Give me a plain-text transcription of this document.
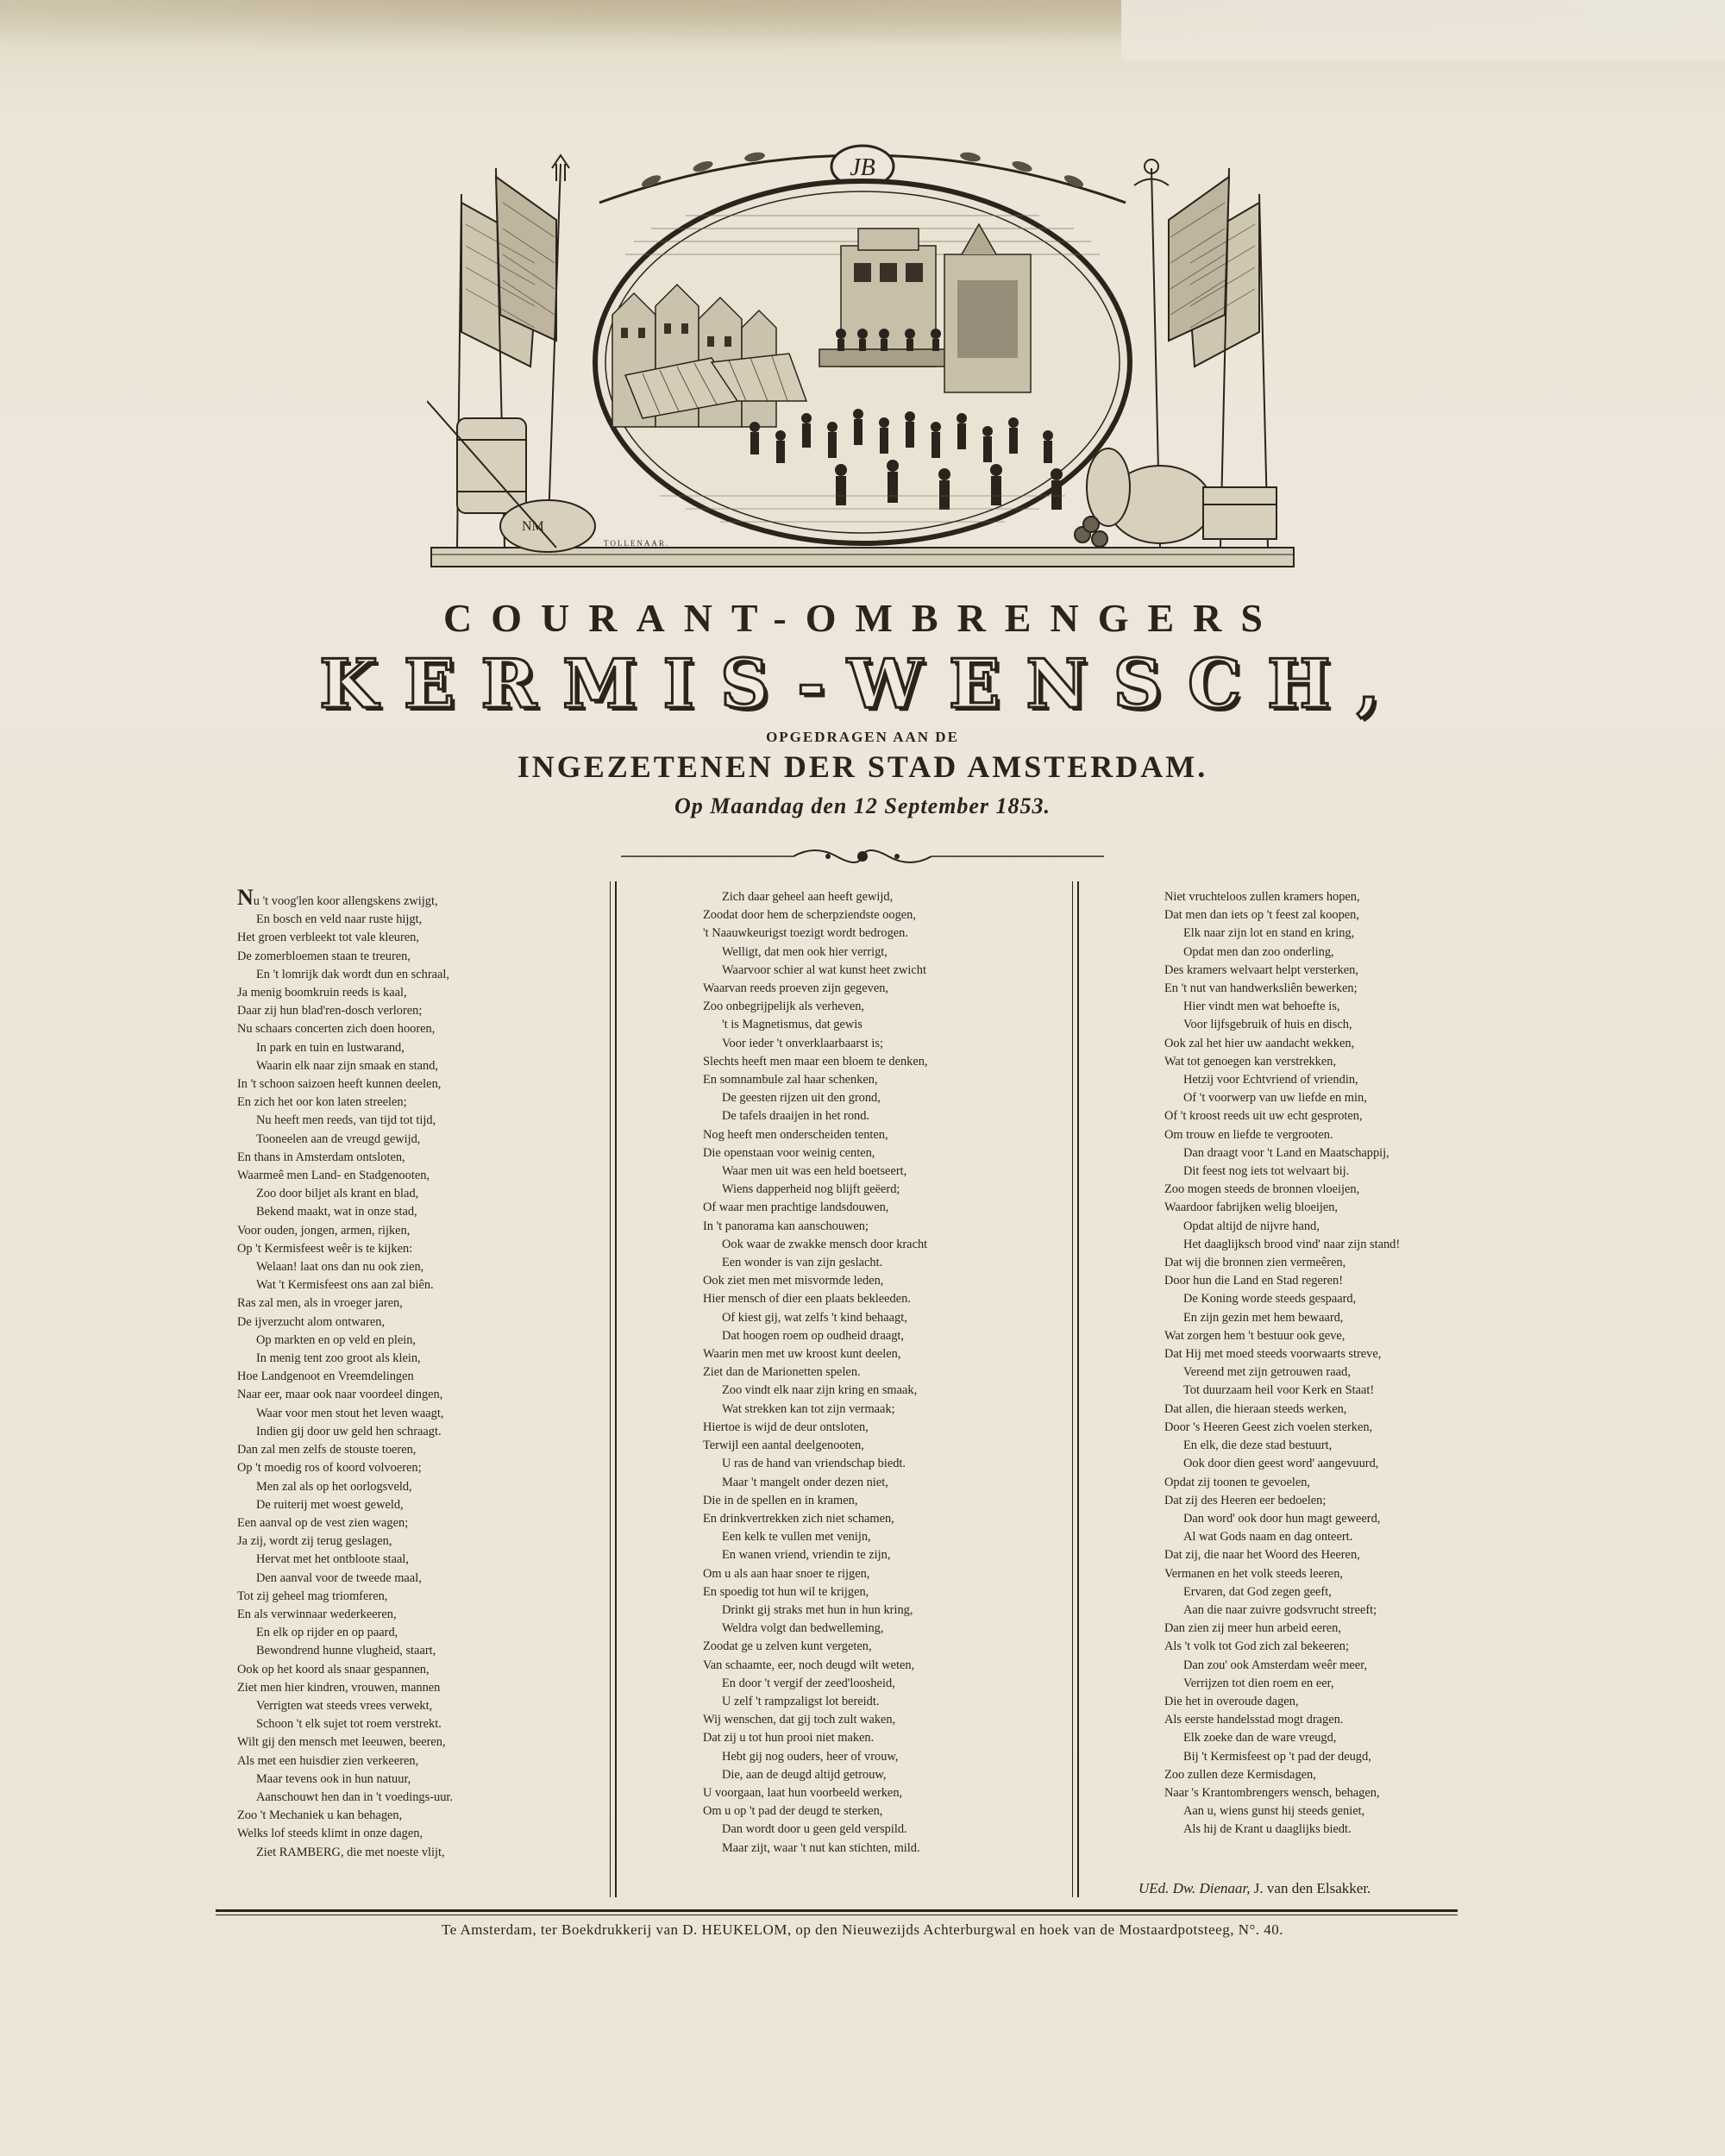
NM
JB
TOLLENAAR.
COURANT-OMBRENGERS
KERMIS-WENSCH,
OPGEDRAGEN AAN DE
INGEZETENEN DER STAD AMSTERDAM.
Op Maandag den 12 September 1853.
Nu 't voog'len koor allengskens zwijgt,
En bosch en veld naar ruste hijgt,
Het groen verbleekt tot vale kleuren,
De zomerbloemen staan te treuren,
En 't lomrijk dak wordt dun en schraal,
Ja menig boomkruin reeds is kaal,
Daar zij hun blad'ren-dosch verloren;
Nu schaars concerten zich doen hooren,
In park en tuin en lustwarand,
Waarin elk naar zijn smaak en stand,
In 't schoon saizoen heeft kunnen deelen,
En zich het oor kon laten streelen;
Nu heeft men reeds, van tijd tot tijd,
Tooneelen aan de vreugd gewijd,
En thans in Amsterdam ontsloten,
Waarmeê men Land- en Stadgenooten,
Zoo door biljet als krant en blad,
Bekend maakt, wat in onze stad,
Voor ouden, jongen, armen, rijken,
Op 't Kermisfeest weêr is te kijken:
Welaan! laat ons dan nu ook zien,
Wat 't Kermisfeest ons aan zal biên.
Ras zal men, als in vroeger jaren,
De ijverzucht alom ontwaren,
Op markten en op veld en plein,
In menig tent zoo groot als klein,
Hoe Landgenoot en Vreemdelingen
Naar eer, maar ook naar voordeel dingen,
Waar voor men stout het leven waagt,
Indien gij door uw geld hen schraagt.
Dan zal men zelfs de stouste toeren,
Op 't moedig ros of koord volvoeren;
Men zal als op het oorlogsveld,
De ruiterij met woest geweld,
Een aanval op de vest zien wagen;
Ja zij, wordt zij terug geslagen,
Hervat met het ontbloote staal,
Den aanval voor de tweede maal,
Tot zij geheel mag triomferen,
En als verwinnaar wederkeeren,
En elk op rijder en op paard,
Bewondrend hunne vlugheid, staart,
Ook op het koord als snaar gespannen,
Ziet men hier kindren, vrouwen, mannen
Verrigten wat steeds vrees verwekt,
Schoon 't elk sujet tot roem verstrekt.
Wilt gij den mensch met leeuwen, beeren,
Als met een huisdier zien verkeeren,
Maar tevens ook in hun natuur,
Aanschouwt hen dan in 't voedings-uur.
Zoo 't Mechaniek u kan behagen,
Welks lof steeds klimt in onze dagen,
Ziet RAMBERG, die met noeste vlijt,
Zich daar geheel aan heeft gewijd,
Zoodat door hem de scherpziendste oogen,
't Naauwkeurigst toezigt wordt bedrogen.
Welligt, dat men ook hier verrigt,
Waarvoor schier al wat kunst heet zwicht
Waarvan reeds proeven zijn gegeven,
Zoo onbegrijpelijk als verheven,
't is Magnetismus, dat gewis
Voor ieder 't onverklaarbaarst is;
Slechts heeft men maar een bloem te denken,
En somnambule zal haar schenken,
De geesten rijzen uit den grond,
De tafels draaijen in het rond.
Nog heeft men onderscheiden tenten,
Die openstaan voor weinig centen,
Waar men uit was een held boetseert,
Wiens dapperheid nog blijft geëerd;
Of waar men prachtige landsdouwen,
In 't panorama kan aanschouwen;
Ook waar de zwakke mensch door kracht
Een wonder is van zijn geslacht.
Ook ziet men met misvormde leden,
Hier mensch of dier een plaats bekleeden.
Of kiest gij, wat zelfs 't kind behaagt,
Dat hoogen roem op oudheid draagt,
Waarin men met uw kroost kunt deelen,
Ziet dan de Marionetten spelen.
Zoo vindt elk naar zijn kring en smaak,
Wat strekken kan tot zijn vermaak;
Hiertoe is wijd de deur ontsloten,
Terwijl een aantal deelgenooten,
U ras de hand van vriendschap biedt.
Maar 't mangelt onder dezen niet,
Die in de spellen en in kramen,
En drinkvertrekken zich niet schamen,
Een kelk te vullen met venijn,
En wanen vriend, vriendin te zijn,
Om u als aan haar snoer te rijgen,
En spoedig tot hun wil te krijgen,
Drinkt gij straks met hun in hun kring,
Weldra volgt dan bedwelleming,
Zoodat ge u zelven kunt vergeten,
Van schaamte, eer, noch deugd wilt weten,
En door 't vergif der zeed'loosheid,
U zelf 't rampzaligst lot bereidt.
Wij wenschen, dat gij toch zult waken,
Dat zij u tot hun prooi niet maken.
Hebt gij nog ouders, heer of vrouw,
Die, aan de deugd altijd getrouw,
U voorgaan, laat hun voorbeeld werken,
Om u op 't pad der deugd te sterken,
Dan wordt door u geen geld verspild.
Maar zijt, waar 't nut kan stichten, mild.
Niet vruchteloos zullen kramers hopen,
Dat men dan iets op 't feest zal koopen,
Elk naar zijn lot en stand en kring,
Opdat men dan zoo onderling,
Des kramers welvaart helpt versterken,
En 't nut van handwerksliên bewerken;
Hier vindt men wat behoefte is,
Voor lijfsgebruik of huis en disch,
Ook zal het hier uw aandacht wekken,
Wat tot genoegen kan verstrekken,
Hetzij voor Echtvriend of vriendin,
Of 't voorwerp van uw liefde en min,
Of 't kroost reeds uit uw echt gesproten,
Om trouw en liefde te vergrooten.
Dan draagt voor 't Land en Maatschappij,
Dit feest nog iets tot welvaart bij.
Zoo mogen steeds de bronnen vloeijen,
Waardoor fabrijken welig bloeijen,
Opdat altijd de nijvre hand,
Het daaglijksch brood vind' naar zijn stand!
Dat wij die bronnen zien vermeêren,
Door hun die Land en Stad regeren!
De Koning worde steeds gespaard,
En zijn gezin met hem bewaard,
Wat zorgen hem 't bestuur ook geve,
Dat Hij met moed steeds voorwaarts streve,
Vereend met zijn getrouwen raad,
Tot duurzaam heil voor Kerk en Staat!
Dat allen, die hieraan steeds werken,
Door 's Heeren Geest zich voelen sterken,
En elk, die deze stad bestuurt,
Ook door dien geest word' aangevuurd,
Opdat zij toonen te gevoelen,
Dat zij des Heeren eer bedoelen;
Dan word' ook door hun magt geweerd,
Al wat Gods naam en dag onteert.
Dat zij, die naar het Woord des Heeren,
Vermanen en het volk steeds leeren,
Ervaren, dat God zegen geeft,
Aan die naar zuivre godsvrucht streeft;
Dan zien zij meer hun arbeid eeren,
Als 't volk tot God zich zal bekeeren;
Dan zou' ook Amsterdam weêr meer,
Verrijzen tot dien roem en eer,
Die het in overoude dagen,
Als eerste handelsstad mogt dragen.
Elk zoeke dan de ware vreugd,
Bij 't Kermisfeest op 't pad der deugd,
Zoo zullen deze Kermisdagen,
Naar 's Krantombrengers wensch, behagen,
Aan u, wiens gunst hij steeds geniet,
Als hij de Krant u daaglijks biedt.
UEd. Dw. Dienaar, J. van den Elsakker.
Te Amsterdam, ter Boekdrukkerij van D. HEUKELOM, op den Nieuwezijds Achterburgwal en hoek van de Mostaardpotsteeg, N°. 40.
